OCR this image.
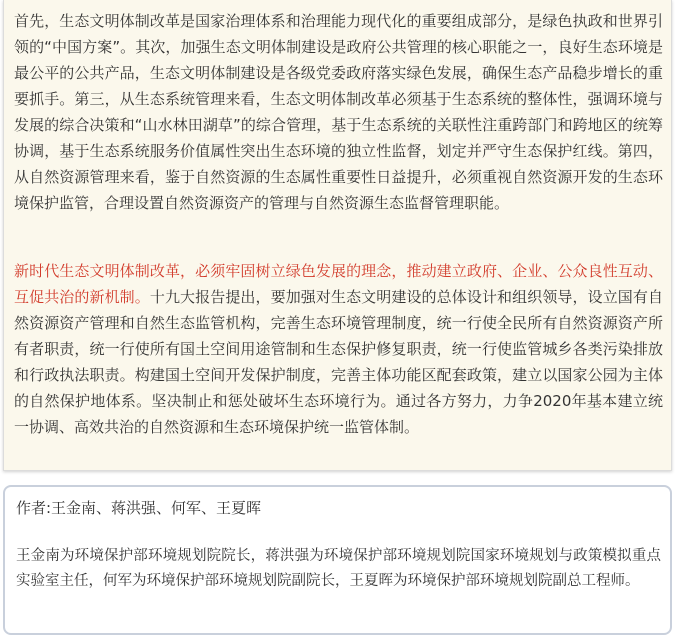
首先，生态文明体制改革是国家治理体系和治理能力现代化的重要组成部分，是绿色执政和世界引领的“中国方案”。其次，加强生态文明体制建设是政府公共管理的核心职能之一，良好生态环境是最公平的公共产品，生态文明体制建设是各级党委政府落实绿色发展，确保生态产品稳步增长的重要抓手。第三，从生态系统管理来看，生态文明体制改革必须基于生态系统的整体性，强调环境与发展的综合决策和“山水林田湖草”的综合管理，基于生态系统的关联性注重跨部门和跨地区的统筹协调，基于生态系统服务价值属性突出生态环境的独立性监督，划定并严守生态保护红线。第四，从自然资源管理来看，鉴于自然资源的生态属性重要性日益提升，必须重视自然资源开发的生态环境保护监管，合理设置自然资源资产的管理与自然资源生态监督管理职能。

新时代生态文明体制改革，必须牢固树立绿色发展的理念，推动建立政府、企业、公众良性互动、互促共治的新机制。十九大报告提出，要加强对生态文明建设的总体设计和组织领导，设立国有自然资源资产管理和自然生态监管机构，完善生态环境管理制度，统一行使全民所有自然资源资产所有者职责，统一行使所有国土空间用途管制和生态保护修复职责，统一行使监管城乡各类污染排放和行政执法职责。构建国土空间开发保护制度，完善主体功能区配套政策，建立以国家公园为主体的自然保护地体系。坚决制止和惩处破坏生态环境行为。通过各方努力，力争2020年基本建立统一协调、高效共治的自然资源和生态环境保护统一监管体制。

作者:王金南、蒋洪强、何军、王夏晖

王金南为环境保护部环境规划院院长，蒋洪强为环境保护部环境规划院国家环境规划与政策模拟重点实验室主任，何军为环境保护部环境规划院副院长，王夏晖为环境保护部环境规划院副总工程师。
